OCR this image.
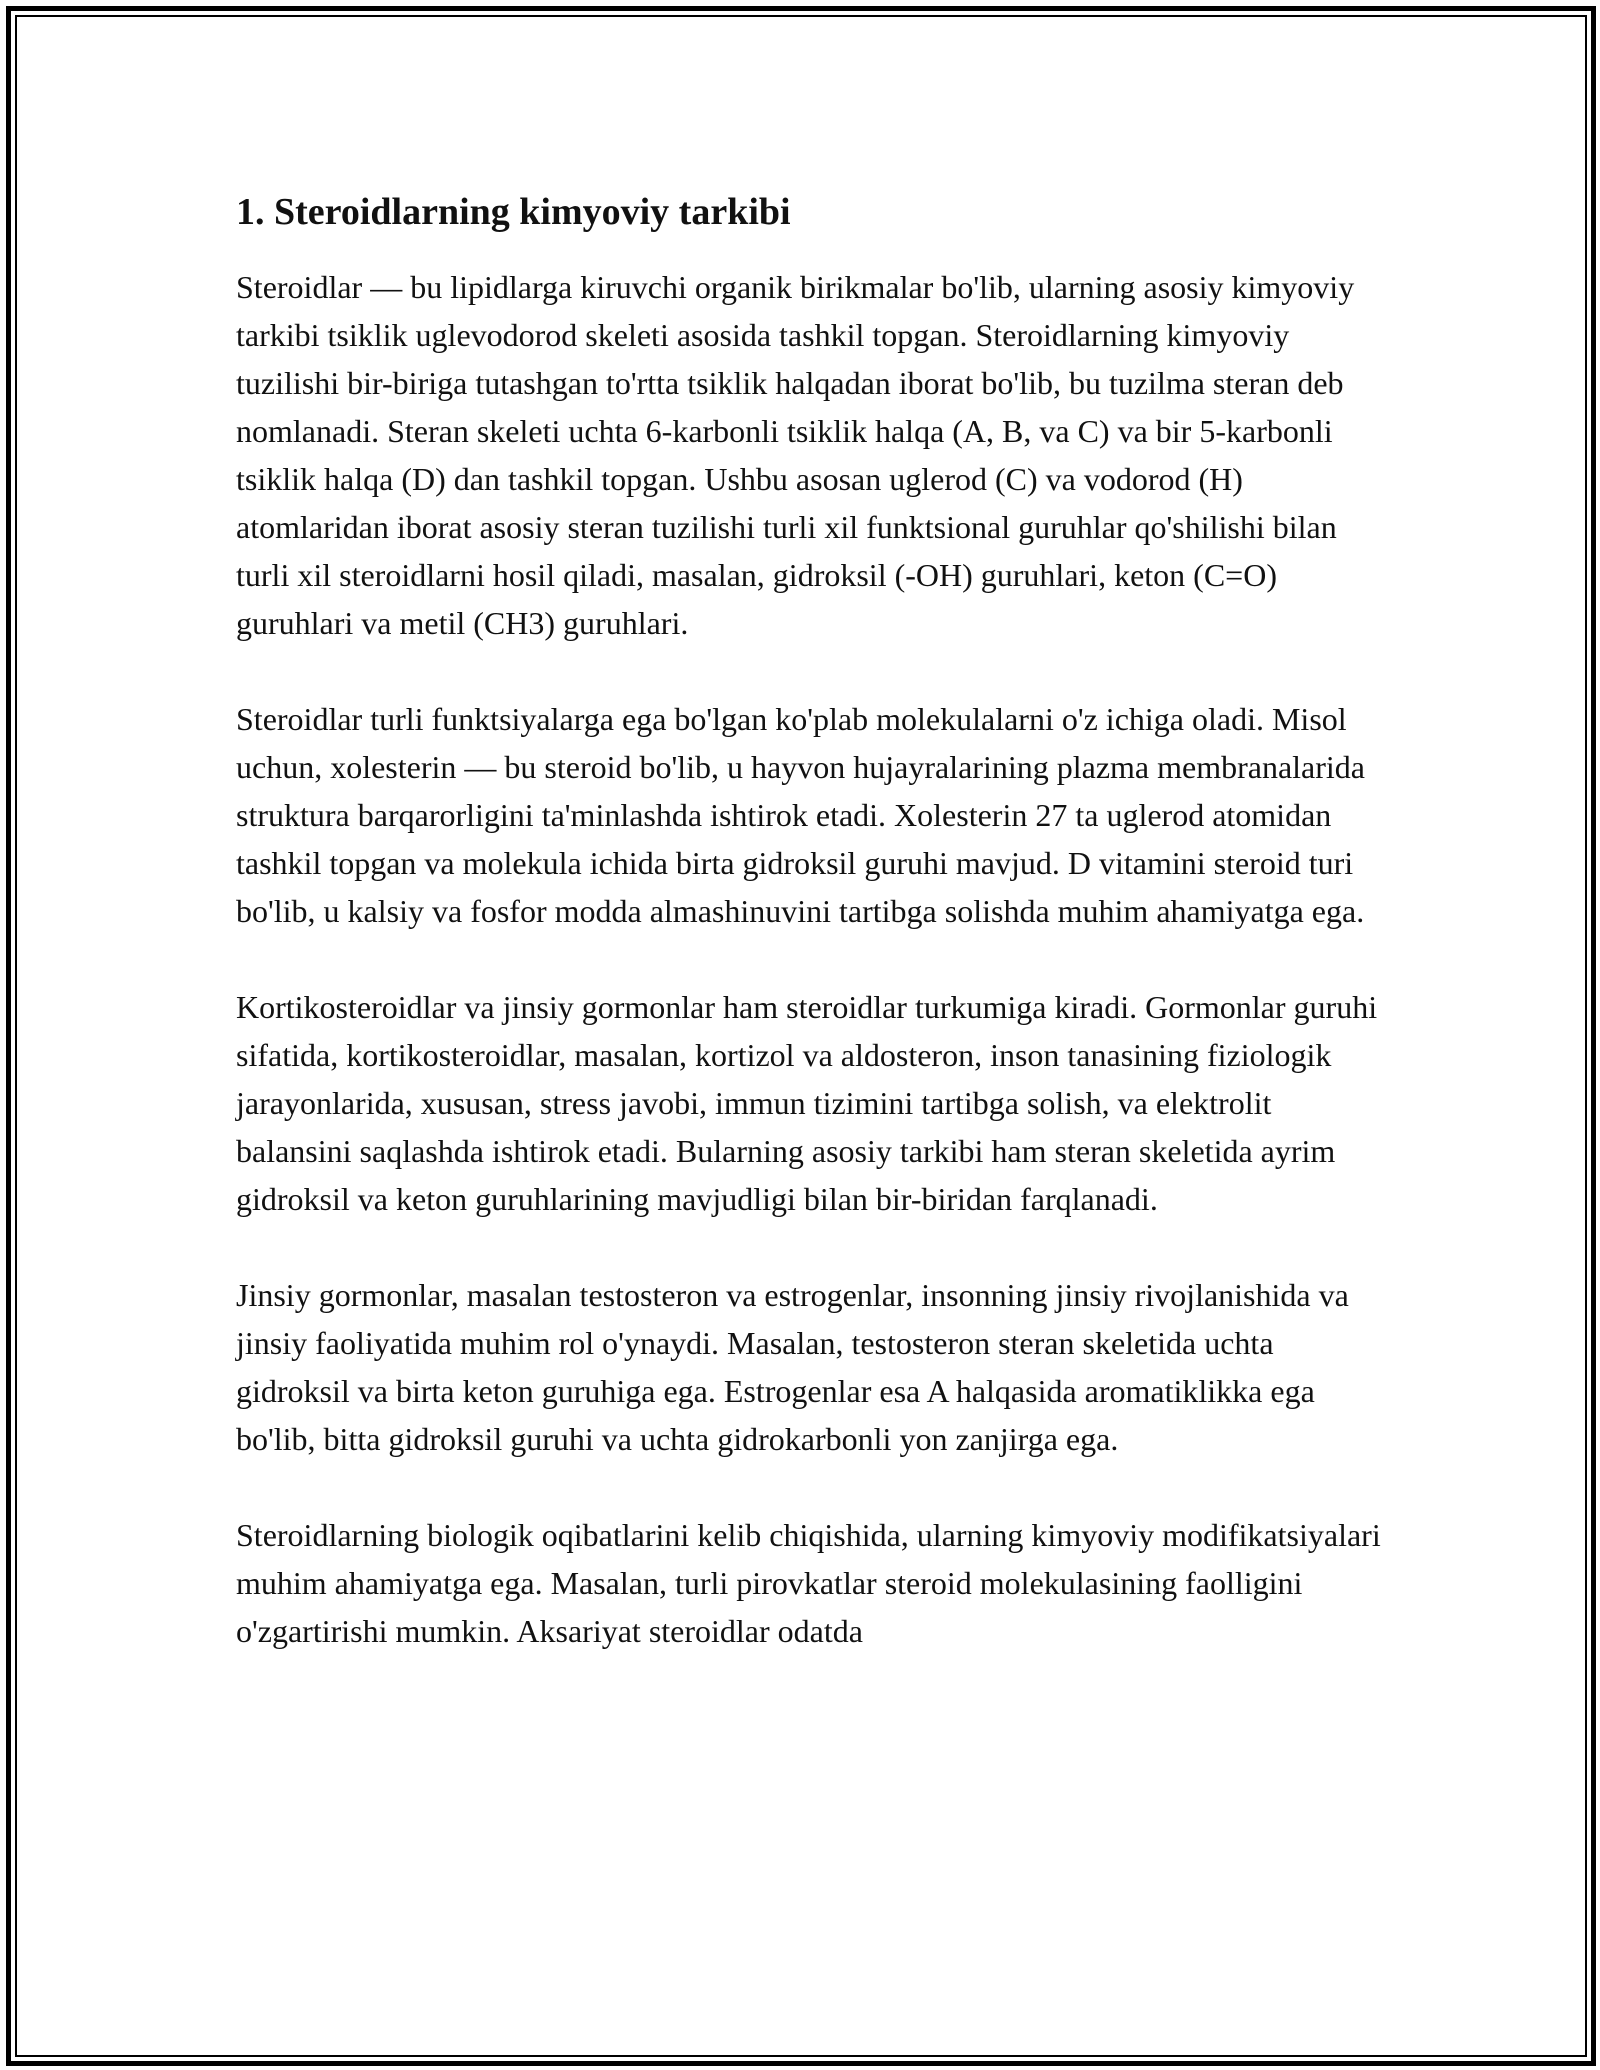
1. Steroidlarning kimyoviy tarkibi

Steroidlar — bu lipidlarga kiruvchi organik birikmalar bo'lib, ularning asosiy kimyoviy tarkibi tsiklik uglevodorod skeleti asosida tashkil topgan. Steroidlarning kimyoviy tuzilishi bir-biriga tutashgan to'rtta tsiklik halqadan iborat bo'lib, bu tuzilma steran deb nomlanadi. Steran skeleti uchta 6-karbonli tsiklik halqa (A, B, va C) va bir 5-karbonli tsiklik halqa (D) dan tashkil topgan. Ushbu asosan uglerod (C) va vodorod (H) atomlaridan iborat asosiy steran tuzilishi turli xil funktsional guruhlar qo'shilishi bilan turli xil steroidlarni hosil qiladi, masalan, gidroksil (-OH) guruhlari, keton (C=O) guruhlari va metil (CH3) guruhlari.

Steroidlar turli funktsiyalarga ega bo'lgan ko'plab molekulalarni o'z ichiga oladi. Misol uchun, xolesterin — bu steroid bo'lib, u hayvon hujayralarining plazma membranalarida struktura barqarorligini ta'minlashda ishtirok etadi. Xolesterin 27 ta uglerod atomidan tashkil topgan va molekula ichida birta gidroksil guruhi mavjud. D vitamini steroid turi bo'lib, u kalsiy va fosfor modda almashinuvini tartibga solishda muhim ahamiyatga ega.

Kortikosteroidlar va jinsiy gormonlar ham steroidlar turkumiga kiradi. Gormonlar guruhi sifatida, kortikosteroidlar, masalan, kortizol va aldosteron, inson tanasining fiziologik jarayonlarida, xususan, stress javobi, immun tizimini tartibga solish, va elektrolit balansini saqlashda ishtirok etadi. Bularning asosiy tarkibi ham steran skeletida ayrim gidroksil va keton guruhlarining mavjudligi bilan bir-biridan farqlanadi.

Jinsiy gormonlar, masalan testosteron va estrogenlar, insonning jinsiy rivojlanishida va jinsiy faoliyatida muhim rol o'ynaydi. Masalan, testosteron steran skeletida uchta gidroksil va birta keton guruhiga ega. Estrogenlar esa A halqasida aromatiklikka ega bo'lib, bitta gidroksil guruhi va uchta gidrokarbonli yon zanjirga ega.

Steroidlarning biologik oqibatlarini kelib chiqishida, ularning kimyoviy modifikatsiyalari muhim ahamiyatga ega. Masalan, turli pirovkatlar steroid molekulasining faolligini o'zgartirishi mumkin. Aksariyat steroidlar odatda
